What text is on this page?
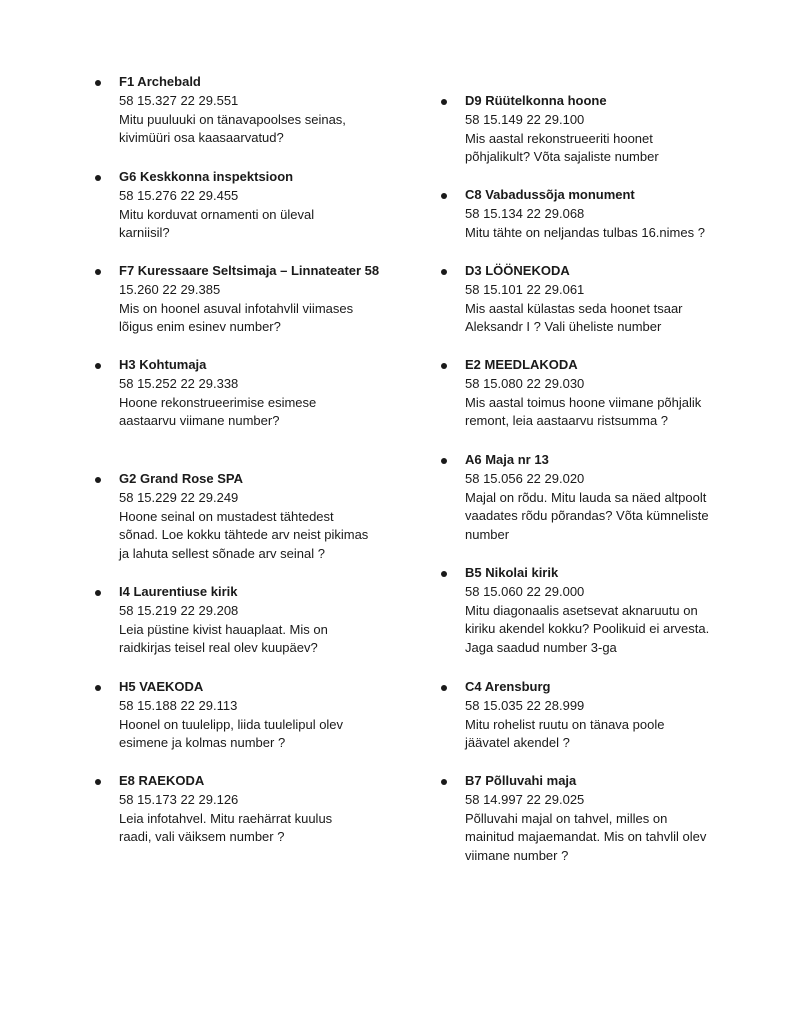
F1 Archebald
58 15.327 22 29.551
Mitu puuluuki on tänavapoolses seinas,
kivimüüri osa kaasaarvatud?
G6 Keskkonna inspektsioon
58 15.276 22 29.455
Mitu korduvat ornamenti on üleval
karniisil?
F7 Kuressaare Seltsimaja – Linnateater 58
15.260 22 29.385
Mis on hoonel asuval infotahvlil viimases
lõigus enim esinev number?
H3 Kohtumaja
58 15.252 22 29.338
Hoone rekonstrueerimise esimese
aastaarvu viimane number?
G2 Grand Rose SPA
58 15.229 22 29.249
Hoone seinal on mustadest tähtedest
sõnad. Loe kokku tähtede arv neist pikimas
ja lahuta sellest sõnade arv seinal ?
I4 Laurentiuse kirik
58 15.219 22 29.208
Leia püstine kivist hauaplaat. Mis on
raidkirjas teisel real olev kuupäev?
H5 VAEKODA
58 15.188 22 29.113
Hoonel on tuulelipp, liida tuulelipul olev
esimene ja kolmas number ?
E8 RAEKODA
58 15.173 22 29.126
Leia infotahvel. Mitu raehärrat kuulus
raadi, vali väiksem number ?
D9 Rüütelkonna hoone
58 15.149 22 29.100
Mis aastal rekonstrueeriti hoonet
põhjalikult? Võta sajaliste number
C8 Vabadussõja monument
58 15.134 22 29.068
Mitu tähte on neljandas tulbas 16.nimes ?
D3 LÖÖNEKODA
58 15.101 22 29.061
Mis aastal külastas seda hoonet tsaar
Aleksandr I ? Vali üheliste number
E2 MEEDLAKODA
58 15.080 22 29.030
Mis aastal toimus hoone viimane põhjalik
remont, leia aastaarvu ristsumma ?
A6 Maja nr 13
58 15.056 22 29.020
Majal on rõdu. Mitu lauda sa näed altpoolt
vaadates rõdu põrandas? Võta kümneliste
number
B5 Nikolai kirik
58 15.060 22 29.000
Mitu diagonaalis asetsevat aknaruutu on
kiriku akendel kokku? Poolikuid ei arvesta.
Jaga saadud number 3-ga
C4 Arensburg
58 15.035 22 28.999
Mitu rohelist ruutu on tänava poole
jäävatel akendel ?
B7 Põlluvahi maja
58 14.997 22 29.025
Põlluvahi majal on tahvel, milles on
mainitud majaemandat. Mis on tahvlil olev
viimane number ?
